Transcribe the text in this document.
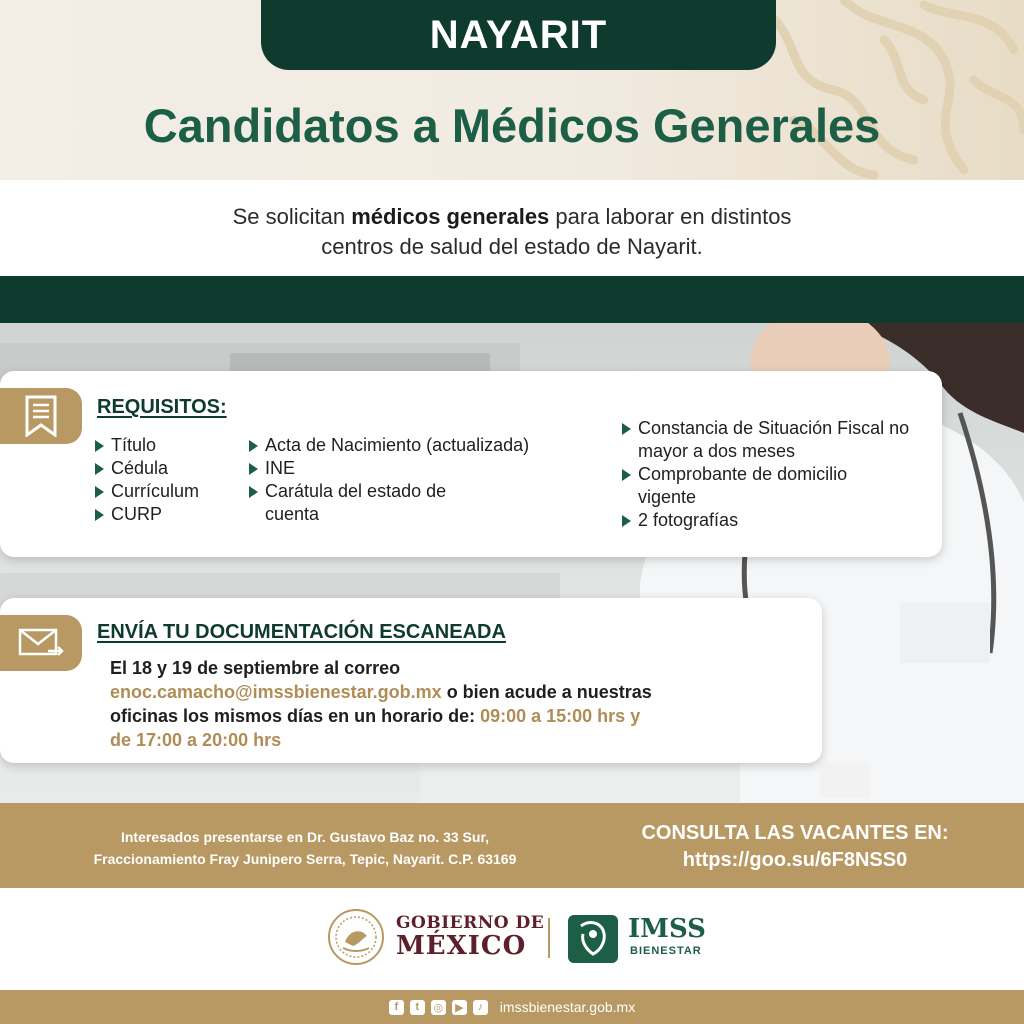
NAYARIT
Candidatos a Médicos Generales
Se solicitan médicos generales para laborar en distintos
centros de salud del estado de Nayarit.
REQUISITOS:
Título
Cédula
Currículum
CURP
Acta de Nacimiento (actualizada)
INE
Carátula del estado de cuenta
Constancia de Situación Fiscal no mayor a dos meses
Comprobante de domicilio vigente
2 fotografías
ENVÍA TU DOCUMENTACIÓN ESCANEADA
El 18 y 19 de septiembre al correo
enoc.camacho@imssbienestar.gob.mx o bien acude a nuestras
oficinas los mismos días en un horario de: 09:00 a 15:00 hrs y
de 17:00 a 20:00 hrs
Interesados presentarse en Dr. Gustavo Baz no. 33 Sur,
Fraccionamiento Fray Junipero Serra, Tepic, Nayarit. C.P. 63169
CONSULTA LAS VACANTES EN:
https://goo.su/6F8NSS0
GOBIERNO DE
MÉXICO
IMSS
BIENESTAR
f	t	◎ ▶	♪	imssbienestar.gob.mx
